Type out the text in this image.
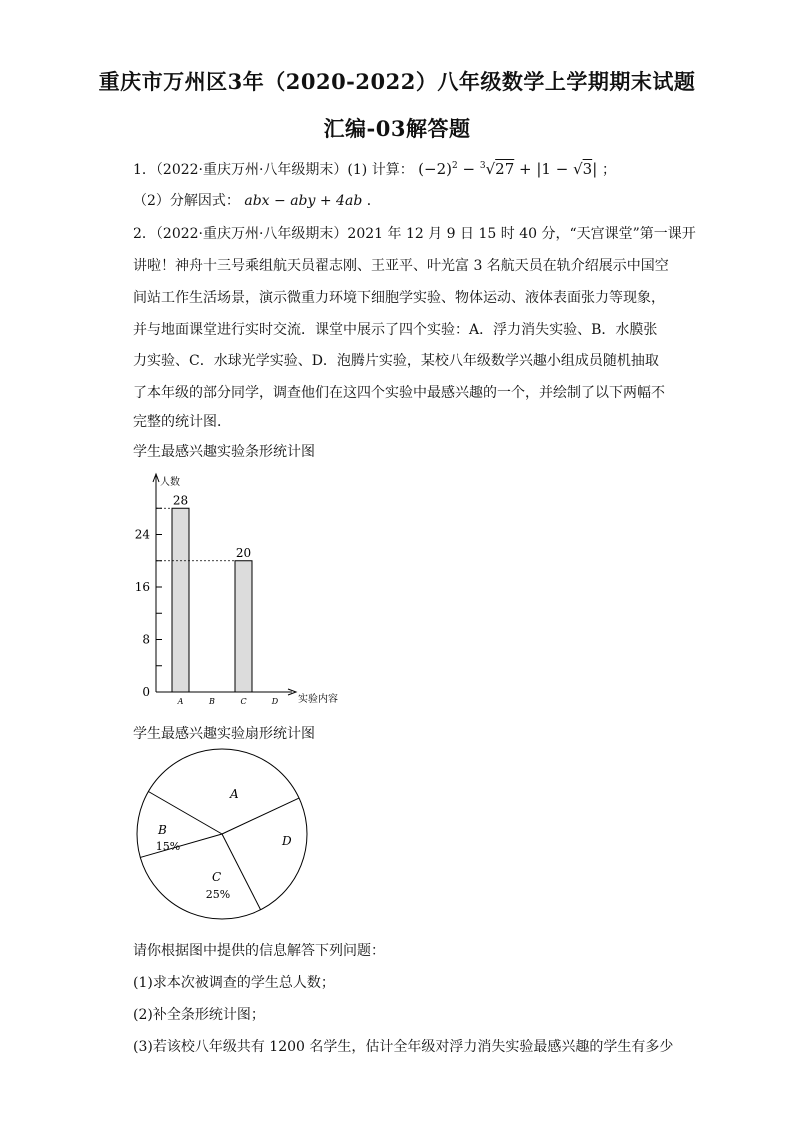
重庆市万州区3年（2020-2022）八年级数学上学期期末试题
汇编-03解答题
1．（2022·重庆万州·八年级期末）(1) 计算： $(-2)^2 - ^3√27 + |1 - √3|$ ；
（2）分解因式： abx − aby + 4ab ．
2．（2022·重庆万州·八年级期末）2021 年 12 月 9 日 15 时 40 分，“天宫课堂”第一课开
讲啦！神舟十三号乘组航天员翟志刚、王亚平、叶光富 3 名航天员在轨介绍展示中国空
间站工作生活场景，演示微重力环境下细胞学实验、物体运动、液体表面张力等现象，
并与地面课堂进行实时交流．课堂中展示了四个实验：A．浮力消失实验、B．水膜张
力实验、C．水球光学实验、D．泡腾片实验，某校八年级数学兴趣小组成员随机抽取
了本年级的部分同学，调查他们在这四个实验中最感兴趣的一个，并绘制了以下两幅不
完整的统计图．
学生最感兴趣实验条形统计图
人数
实验内容
0
8
16
24
A
28
B	C
20
D
学生最感兴趣实验扇形统计图
A
B
15%
C
25%
D
请你根据图中提供的信息解答下列问题：
(1)求本次被调查的学生总人数；
(2)补全条形统计图；
(3)若该校八年级共有 1200 名学生，估计全年级对浮力消失实验最感兴趣的学生有多少
